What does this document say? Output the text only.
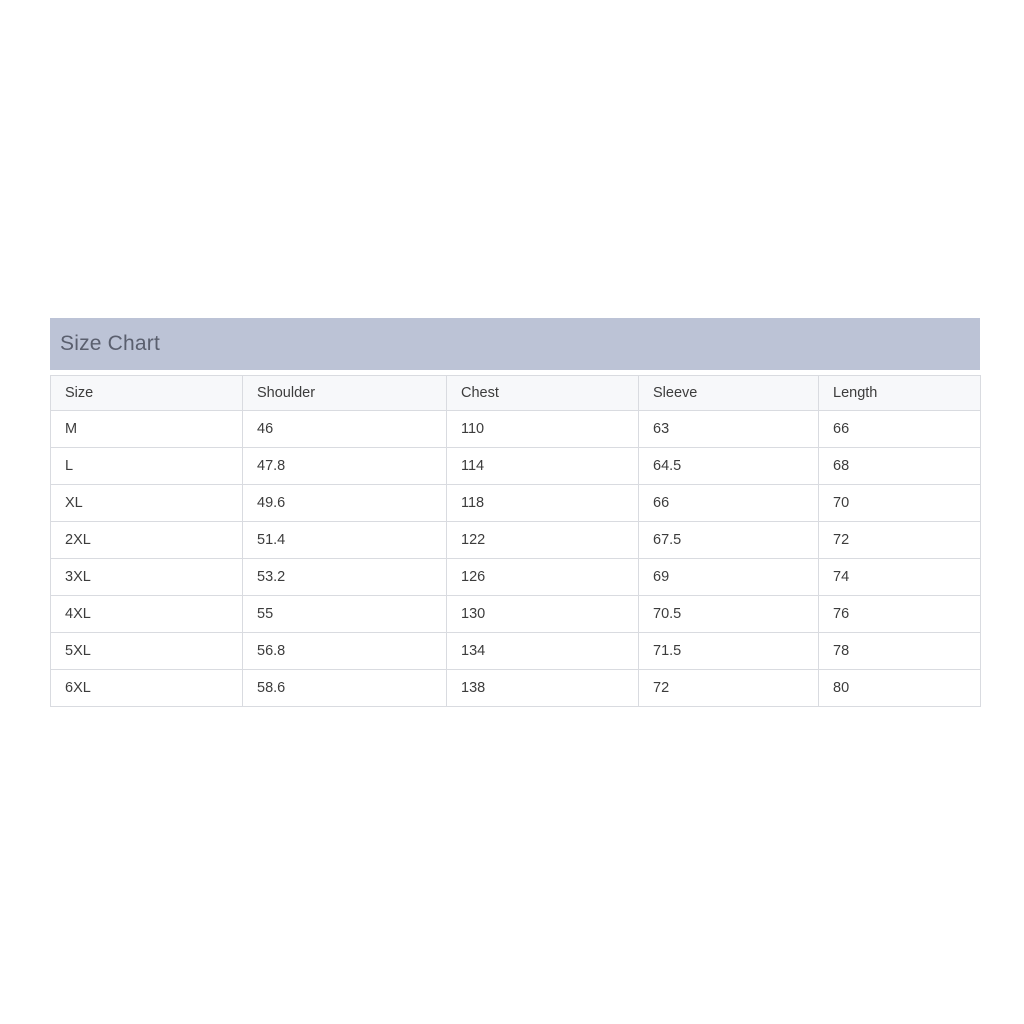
Size Chart
Size	Shoulder	Chest	Sleeve	Length
M	46	110	63	66
L	47.8	114	64.5	68
XL	49.6	118	66	70
2XL	51.4	122	67.5	72
3XL	53.2	126	69	74
4XL	55	130	70.5	76
5XL	56.8	134	71.5	78
6XL	58.6	138	72	80
